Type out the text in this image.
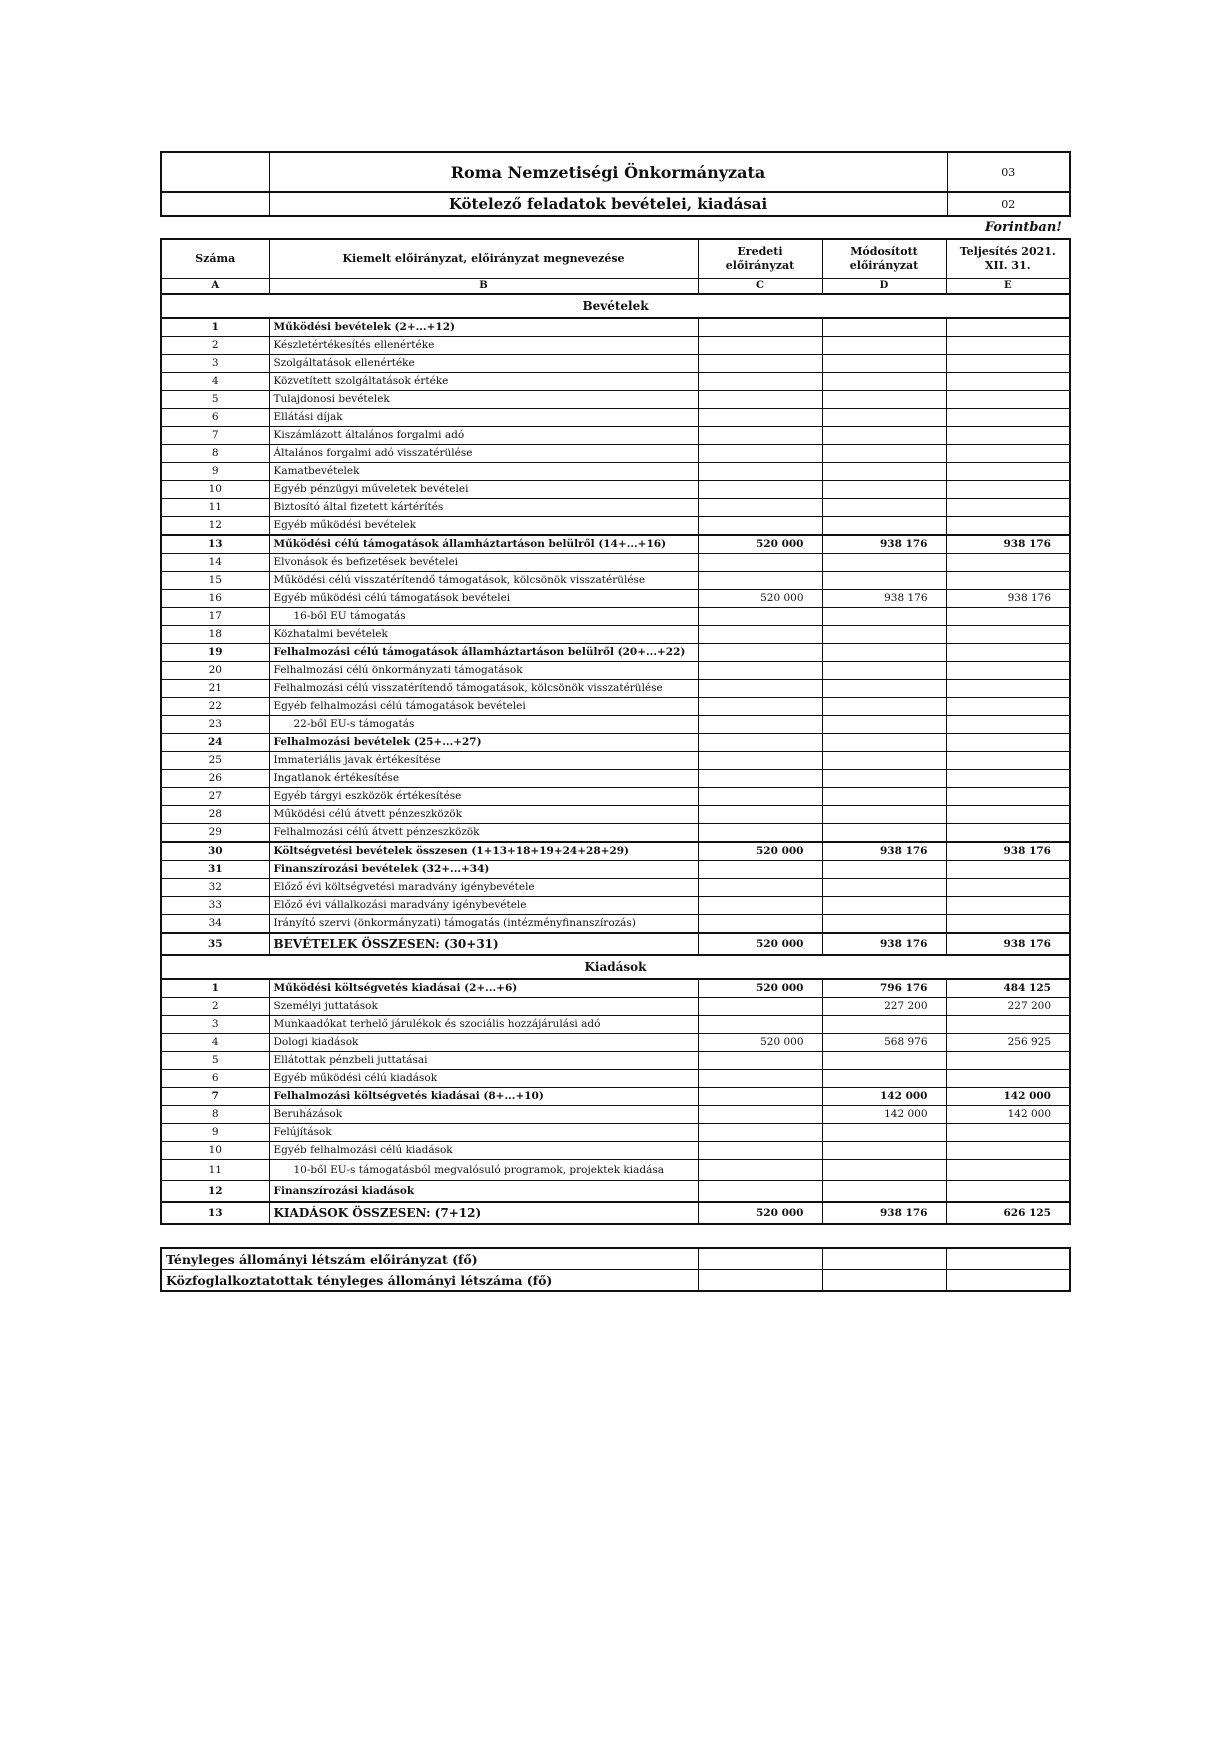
	Roma Nemzetiségi Önkormányzata	03
	Kötelező feladatok bevételei, kiadásai	02
Forintban!
Száma	Kiemelt előirányzat, előirányzat megnevezése	Eredeti előirányzat	Módosított előirányzat	Teljesítés 2021. XII. 31.
A	B	C	D	E
Bevételek				
1	Működési bevételek (2+...+12)			
2	Készletértékesítés ellenértéke			
3	Szolgáltatások ellenértéke			
4	Közvetített szolgáltatások értéke			
5	Tulajdonosi bevételek			
6	Ellátási díjak			
7	Kiszámlázott általános forgalmi adó			
8	Általános forgalmi adó visszatérülése			
9	Kamatbevételek			
10	Egyéb pénzügyi műveletek bevételei			
11	Biztosító által fizetett kártérítés			
12	Egyéb működési bevételek			
13	Működési célú támogatások államháztartáson belülről (14+...+16)	520 000	938 176	938 176
14	Elvonások és befizetések bevételei			
15	Működési célú visszatérítendő támogatások, kölcsönök visszatérülése			
16	Egyéb működési célú támogatások bevételei	520 000	938 176	938 176
17	16-ből EU támogatás			
18	Közhatalmi bevételek			
19	Felhalmozási célú támogatások államháztartáson belülről (20+...+22)			
20	Felhalmozási célú önkormányzati támogatások			
21	Felhalmozási célú visszatérítendő támogatások, kölcsönök visszatérülése			
22	Egyéb felhalmozási célú támogatások bevételei			
23	22-ből EU-s támogatás			
24	Felhalmozási bevételek (25+...+27)			
25	Immateriális javak értékesítése			
26	Ingatlanok értékesítése			
27	Egyéb tárgyi eszközök értékesítése			
28	Működési célú átvett pénzeszközök			
29	Felhalmozási célú átvett pénzeszközök			
30	Költségvetési bevételek összesen (1+13+18+19+24+28+29)	520 000	938 176	938 176
31	Finanszírozási bevételek (32+...+34)			
32	Előző évi költségvetési maradvány igénybevétele			
33	Előző évi vállalkozási maradvány igénybevétele			
34	Irányító szervi (önkormányzati) támogatás (intézményfinanszírozás)			
35	BEVÉTELEK ÖSSZESEN: (30+31)	520 000	938 176	938 176
Kiadások				
1	Működési költségvetés kiadásai (2+...+6)	520 000	796 176	484 125
2	Személyi juttatások		227 200	227 200
3	Munkaadókat terhelő járulékok és szociális hozzájárulási adó			
4	Dologi kiadások	520 000	568 976	256 925
5	Ellátottak pénzbeli juttatásai			
6	Egyéb működési célú kiadások			
7	Felhalmozási költségvetés kiadásai (8+...+10)		142 000	142 000
8	Beruházások		142 000	142 000
9	Felújítások			
10	Egyéb felhalmozási célú kiadások			
11	10-ből EU-s támogatásból megvalósuló programok, projektek kiadása			
12	Finanszírozási kiadások			
13	KIADÁSOK ÖSSZESEN: (7+12)	520 000	938 176	626 125
Tényleges állományi létszám előirányzat (fő)			
Közfoglalkoztatottak tényleges állományi létszáma (fő)			
